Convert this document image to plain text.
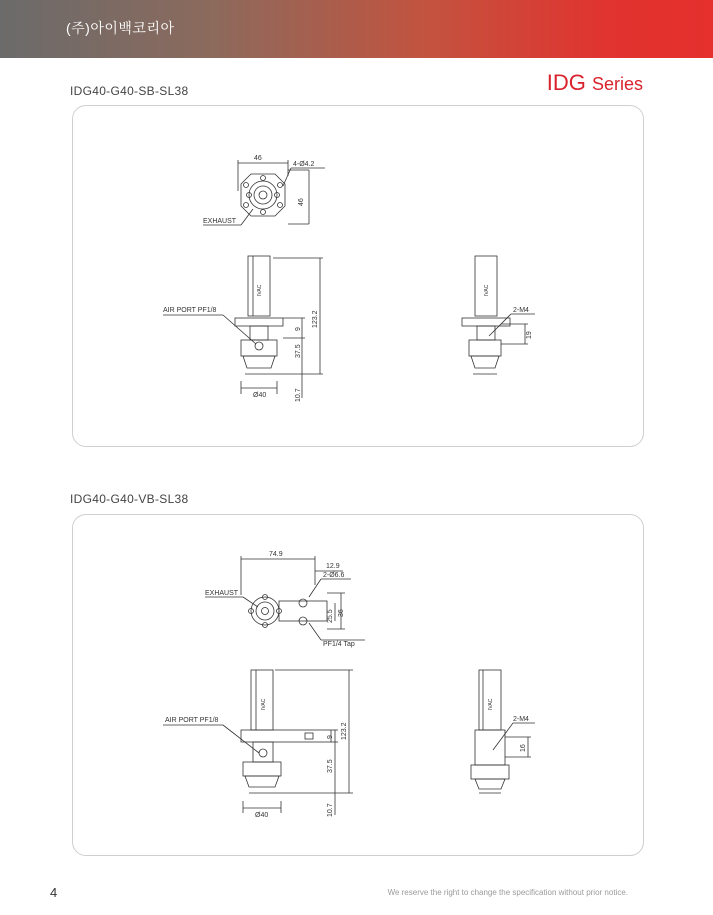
(주)아이백코리아
IDG Series
IDG40-G40-SB-SL38
46
4-Ø4.2
46
EXHAUST
AIR PORT PF1/8	123.2
9
37.5
10.7
Ø40
2-M4
19
IVAC	IVAC
IDG40-G40-VB-SL38
74.9
12.9
2-Ø6.6
EXHAUST
25.5 36
PF1/4 Tap
AIR PORT PF1/8
123.2
9
37.5
10.7
Ø40
2-M4
16
IVAC	IVAC
4	We reserve the right to change the specification without prior notice.
